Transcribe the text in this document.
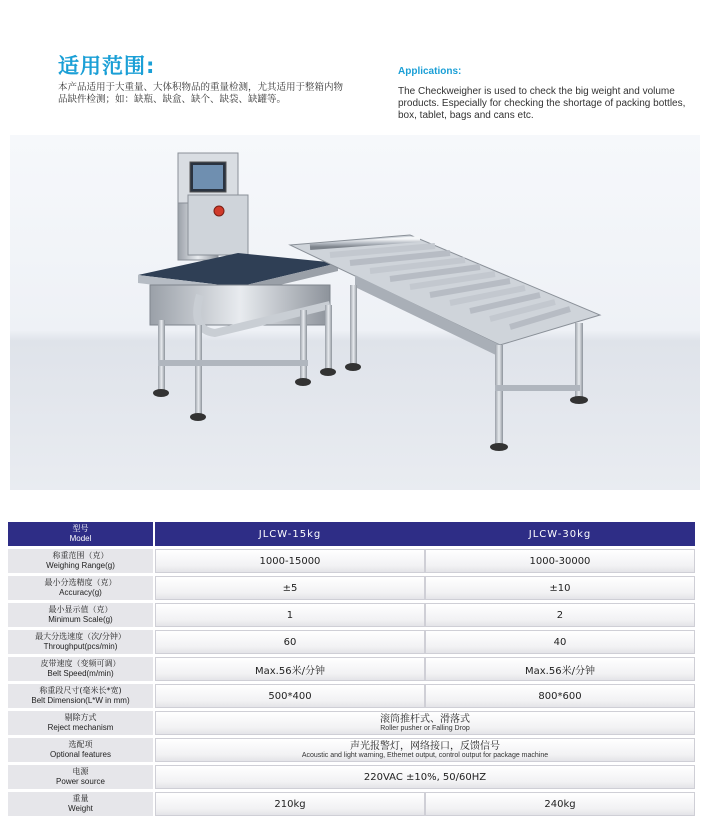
适用范围:
本产品适用于大重量、大体积物品的重量检测，尤其适用于整箱内物品缺件检测；如：缺瓶、缺盒、缺个、缺袋、缺罐等。
Applications:
The Checkweigher is used to check the big weight and volume products. Especially for checking the shortage of packing bottles, box, tablet, bags and cans etc.
型号
Model	JLCW-15kg	JLCW-30kg

称重范围（克）
Weighing Range(g)	1000-15000	1000-30000

最小分选精度（克）
Accuracy(g)	±5	±10

最小显示值（克）
Minimum Scale(g)	1	2

最大分选速度（次/分钟）
Throughput(pcs/min)	60	40

皮带速度（变频可调）
Belt Speed(m/min)	Max.56米/分钟	Max.56米/分钟

称重段尺寸(毫米长*宽)
Belt Dimension(L*W in mm)	500*400	800*600

剔除方式
Reject mechanism	滚筒推杆式、滑落式
Roller pusher or Falling Drop	

选配项
Optional features	声光报警灯，网络接口，反馈信号
Acoustic and light warning, Ethernet output, control output for package machine	

电源
Power source	220VAC ±10%, 50/60HZ	

重量
Weight	210kg	240kg
